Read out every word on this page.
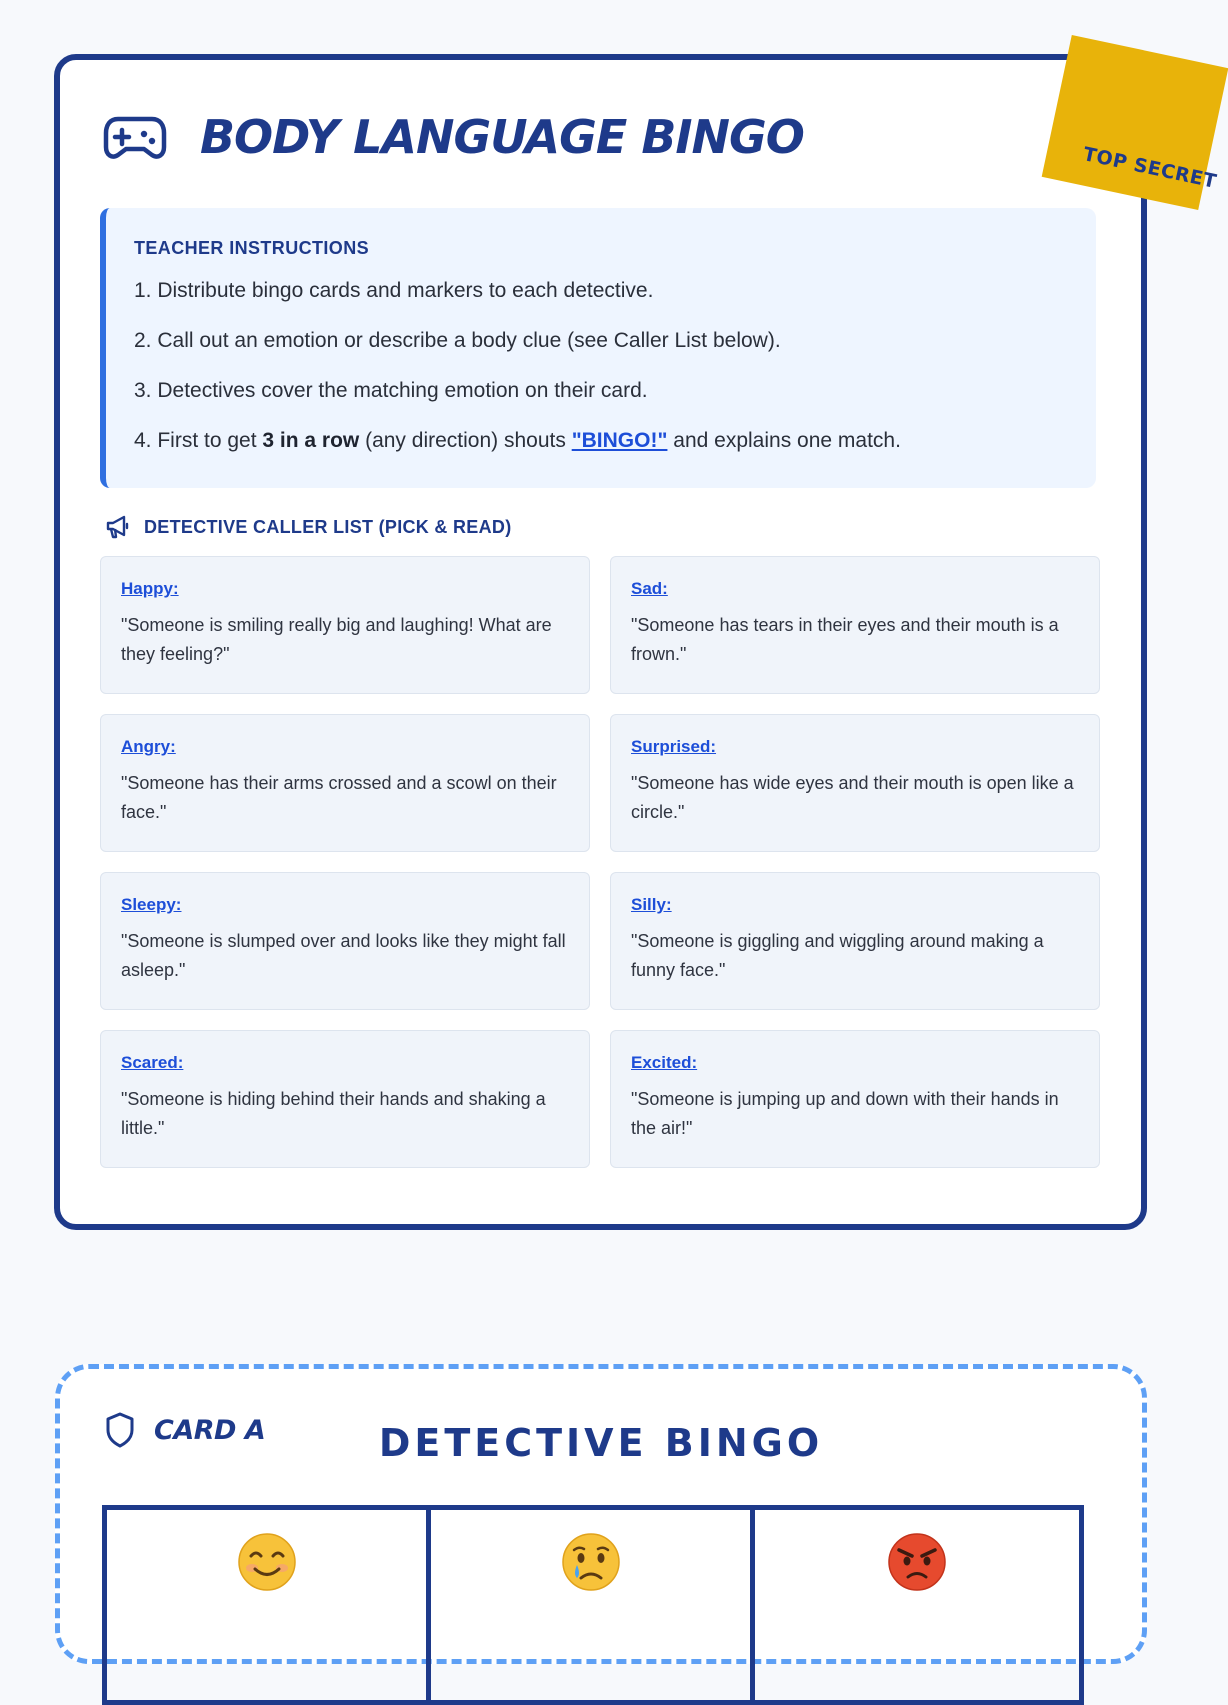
TOP SECRET
BODY LANGUAGE BINGO
TEACHER INSTRUCTIONS
1. Distribute bingo cards and markers to each detective.
2. Call out an emotion or describe a body clue (see Caller List below).
3. Detectives cover the matching emotion on their card.
4. First to get 3 in a row (any direction) shouts "BINGO!" and explains one match.
DETECTIVE CALLER LIST (PICK & READ)
Happy:
"Someone is smiling really big and laughing! What are they feeling?"
Sad:
"Someone has tears in their eyes and their mouth is a frown."
Angry:
"Someone has their arms crossed and a scowl on their face."
Surprised:
"Someone has wide eyes and their mouth is open like a circle."
Sleepy:
"Someone is slumped over and looks like they might fall asleep."
Silly:
"Someone is giggling and wiggling around making a funny face."
Scared:
"Someone is hiding behind their hands and shaking a little."
Excited:
"Someone is jumping up and down with their hands in the air!"
CARD A	DETECTIVE BINGO
